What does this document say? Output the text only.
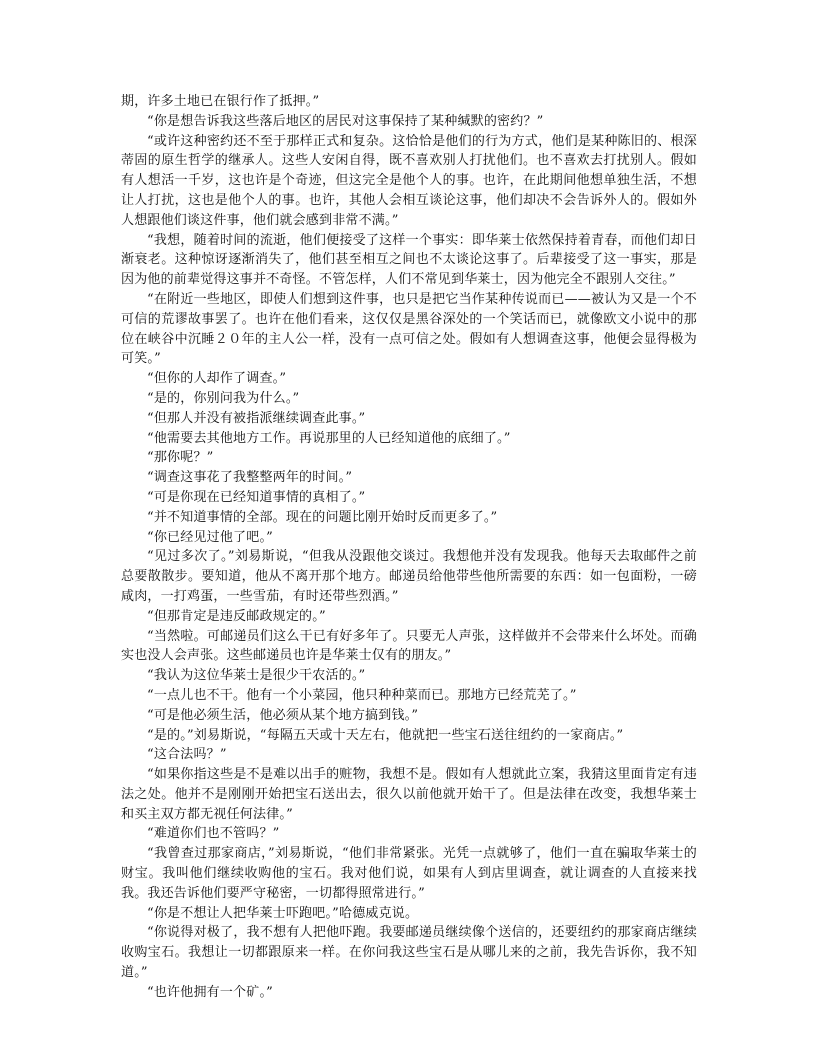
期，许多土地已在银行作了抵押。”

“你是想告诉我这些落后地区的居民对这事保持了某种缄默的密约？”

“或许这种密约还不至于那样正式和复杂。这恰恰是他们的行为方式，他们是某种陈旧的、根深蒂固的原生哲学的继承人。这些人安闲自得，既不喜欢别人打扰他们。也不喜欢去打扰别人。假如有人想活一千岁，这也许是个奇迹，但这完全是他个人的事。也许，在此期间他想单独生活，不想让人打扰，这也是他个人的事。也许，其他人会相互谈论这事，他们却决不会告诉外人的。假如外人想跟他们谈这件事，他们就会感到非常不满。”

“我想，随着时间的流逝，他们便接受了这样一个事实：即华莱士依然保持着青春，而他们却日渐衰老。这种惊讶逐渐消失了，他们甚至相互之间也不太谈论这事了。后辈接受了这一事实，那是因为他的前辈觉得这事并不奇怪。不管怎样，人们不常见到华莱士，因为他完全不跟别人交往。”

“在附近一些地区，即使人们想到这件事，也只是把它当作某种传说而已——被认为又是一个不可信的荒谬故事罢了。也许在他们看来，这仅仅是黑谷深处的一个笑话而已，就像欧文小说中的那位在峡谷中沉睡２０年的主人公一样，没有一点可信之处。假如有人想调查这事，他便会显得极为可笑。”

“但你的人却作了调查。”

“是的，你别问我为什么。”

“但那人并没有被指派继续调查此事。”

“他需要去其他地方工作。再说那里的人已经知道他的底细了。”

“那你呢？”

“调查这事花了我整整两年的时间。”

“可是你现在已经知道事情的真相了。”

“并不知道事情的全部。现在的问题比刚开始时反而更多了。”

“你已经见过他了吧。”

“见过多次了。”刘易斯说，“但我从没跟他交谈过。我想他并没有发现我。他每天去取邮件之前总要散散步。要知道，他从不离开那个地方。邮递员给他带些他所需要的东西：如一包面粉，一磅咸肉，一打鸡蛋，一些雪茄，有时还带些烈酒。”

“但那肯定是违反邮政规定的。”

“当然啦。可邮递员们这么干已有好多年了。只要无人声张，这样做并不会带来什么坏处。而确实也没人会声张。这些邮递员也许是华莱士仅有的朋友。”

“我认为这位华莱士是很少干农活的。”

“一点儿也不干。他有一个小菜园，他只种种菜而已。那地方已经荒芜了。”

“可是他必须生活，他必须从某个地方搞到钱。”

“是的。”刘易斯说，“每隔五天或十天左右，他就把一些宝石送往纽约的一家商店。”

“这合法吗？”

“如果你指这些是不是难以出手的赃物，我想不是。假如有人想就此立案，我猜这里面肯定有违法之处。他并不是刚刚开始把宝石送出去，很久以前他就开始干了。但是法律在改变，我想华莱士和买主双方都无视任何法律。”

“难道你们也不管吗？”

“我曾查过那家商店，”刘易斯说，“他们非常紧张。光凭一点就够了，他们一直在骗取华莱士的财宝。我叫他们继续收购他的宝石。我对他们说，如果有人到店里调查，就让调查的人直接来找我。我还告诉他们要严守秘密，一切都得照常进行。”

“你是不想让人把华莱士吓跑吧。”哈德威克说。

“你说得对极了，我不想有人把他吓跑。我要邮递员继续像个送信的，还要纽约的那家商店继续收购宝石。我想让一切都跟原来一样。在你问我这些宝石是从哪儿来的之前，我先告诉你，我不知道。”

“也许他拥有一个矿。”
